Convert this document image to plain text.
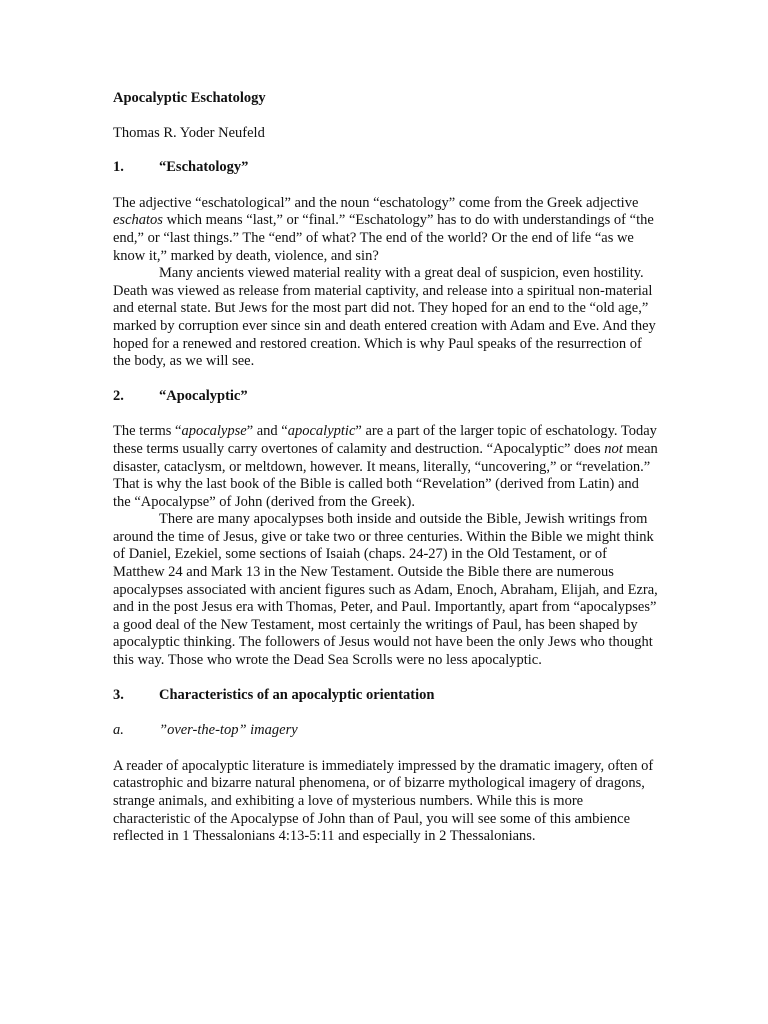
Apocalyptic Eschatology

Thomas R. Yoder Neufeld

1.	“Eschatology”

The adjective “eschatological” and the noun “eschatology” come from the Greek adjective eschatos which means “last,” or “final.” “Eschatology” has to do with understandings of “the end,” or “last things.” The “end” of what? The end of the world? Or the end of life “as we know it,” marked by death, violence, and sin?

Many ancients viewed material reality with a great deal of suspicion, even hostility. Death was viewed as release from material captivity, and release into a spiritual non-material and eternal state. But Jews for the most part did not. They hoped for an end to the “old age,” marked by corruption ever since sin and death entered creation with Adam and Eve. And they hoped for a renewed and restored creation. Which is why Paul speaks of the resurrection of the body, as we will see.

2.	“Apocalyptic”

The terms “apocalypse” and “apocalyptic” are a part of the larger topic of eschatology. Today these terms usually carry overtones of calamity and destruction. “Apocalyptic” does not mean disaster, cataclysm, or meltdown, however. It means, literally, “uncovering,” or “revelation.” That is why the last book of the Bible is called both “Revelation” (derived from Latin) and the “Apocalypse” of John (derived from the Greek).

There are many apocalypses both inside and outside the Bible, Jewish writings from around the time of Jesus, give or take two or three centuries. Within the Bible we might think of Daniel, Ezekiel, some sections of Isaiah (chaps. 24-27) in the Old Testament, or of Matthew 24 and Mark 13 in the New Testament. Outside the Bible there are numerous apocalypses associated with ancient figures such as Adam, Enoch, Abraham, Elijah, and Ezra, and in the post Jesus era with Thomas, Peter, and Paul. Importantly, apart from “apocalypses” a good deal of the New Testament, most certainly the writings of Paul, has been shaped by apocalyptic thinking. The followers of Jesus would not have been the only Jews who thought this way. Those who wrote the Dead Sea Scrolls were no less apocalyptic.

3.	Characteristics of an apocalyptic orientation
a.	”over-the-top” imagery

A reader of apocalyptic literature is immediately impressed by the dramatic imagery, often of catastrophic and bizarre natural phenomena, or of bizarre mythological imagery of dragons, strange animals, and exhibiting a love of mysterious numbers. While this is more characteristic of the Apocalypse of John than of Paul, you will see some of this ambience reflected in 1 Thessalonians 4:13-5:11 and especially in 2 Thessalonians.
